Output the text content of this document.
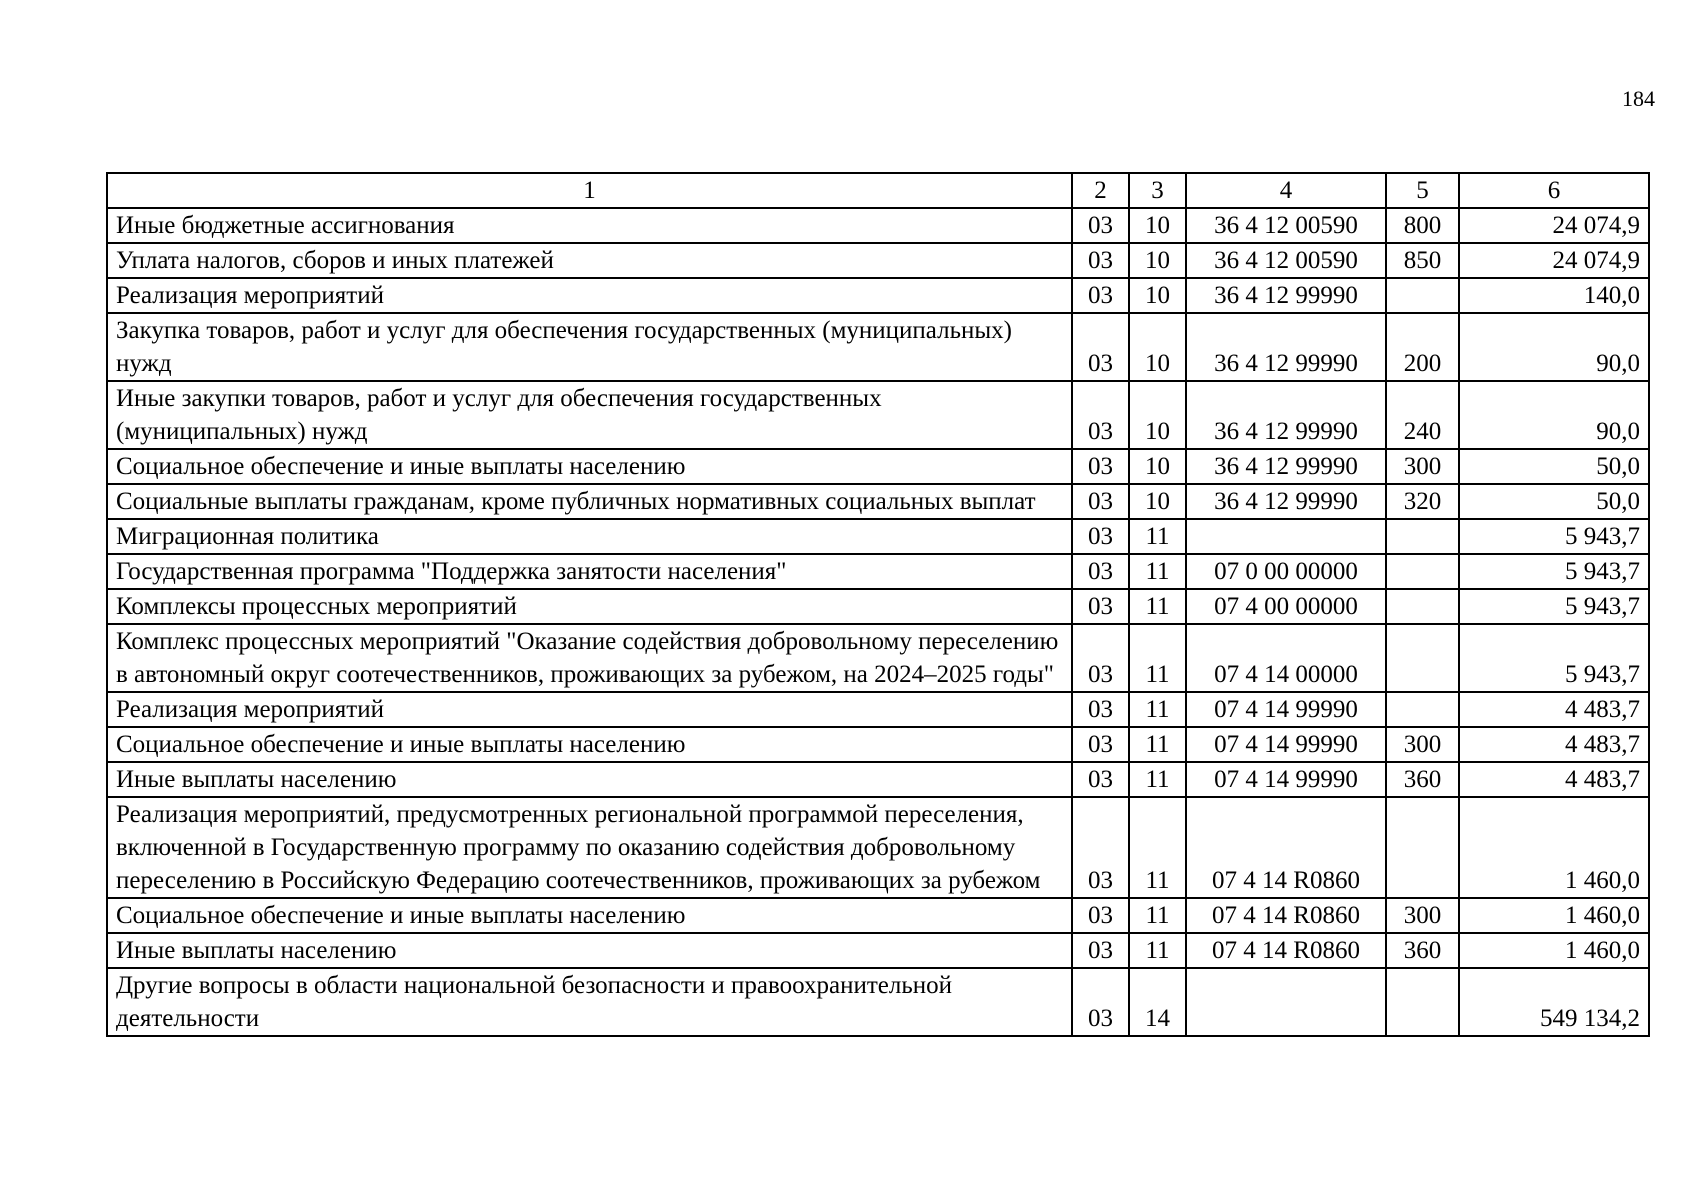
184
1	2	3	4	5	6
Иные бюджетные ассигнования	03	10	36 4 12 00590	800	24 074,9
Уплата налогов, сборов и иных платежей	03	10	36 4 12 00590	850	24 074,9
Реализация мероприятий	03	10	36 4 12 99990		140,0
Закупка товаров, работ и услуг для обеспечения государственных (муниципальных) нужд	03	10	36 4 12 99990	200	90,0
Иные закупки товаров, работ и услуг для обеспечения государственных (муниципальных) нужд	03	10	36 4 12 99990	240	90,0
Социальное обеспечение и иные выплаты населению	03	10	36 4 12 99990	300	50,0
Социальные выплаты гражданам, кроме публичных нормативных социальных выплат	03	10	36 4 12 99990	320	50,0
Миграционная политика	03	11			5 943,7
Государственная программа "Поддержка занятости населения"	03	11	07 0 00 00000		5 943,7
Комплексы процессных мероприятий	03	11	07 4 00 00000		5 943,7
Комплекс процессных мероприятий "Оказание содействия добровольному переселению в автономный округ соотечественников, проживающих за рубежом, на 2024–2025 годы"	03	11	07 4 14 00000		5 943,7
Реализация мероприятий	03	11	07 4 14 99990		4 483,7
Социальное обеспечение и иные выплаты населению	03	11	07 4 14 99990	300	4 483,7
Иные выплаты населению	03	11	07 4 14 99990	360	4 483,7
Реализация мероприятий, предусмотренных региональной программой переселения, включенной в Государственную программу по оказанию содействия добровольному переселению в Российскую Федерацию соотечественников, проживающих за рубежом	03	11	07 4 14 R0860		1 460,0
Социальное обеспечение и иные выплаты населению	03	11	07 4 14 R0860	300	1 460,0
Иные выплаты населению	03	11	07 4 14 R0860	360	1 460,0
Другие вопросы в области национальной безопасности и правоохранительной деятельности	03	14			549 134,2
